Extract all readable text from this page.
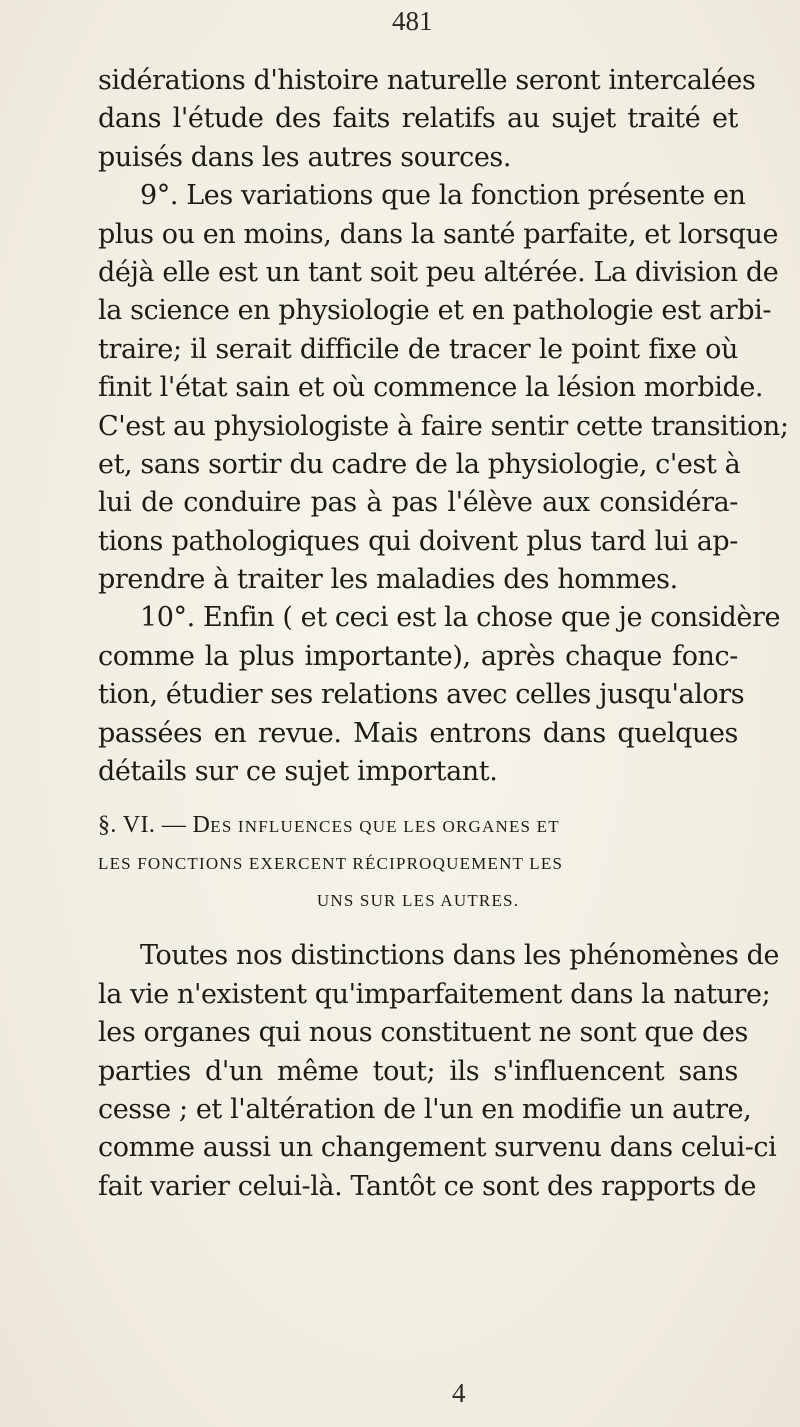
481
sidérations d'histoire naturelle seront intercalées
dans l'étude des faits relatifs au sujet traité et
puisés dans les autres sources.
9°. Les variations que la fonction présente en
plus ou en moins, dans la santé parfaite, et lorsque
déjà elle est un tant soit peu altérée. La division de
la science en physiologie et en pathologie est arbi-
traire; il serait difficile de tracer le point fixe où
finit l'état sain et où commence la lésion morbide.
C'est au physiologiste à faire sentir cette transition;
et, sans sortir du cadre de la physiologie, c'est à
lui de conduire pas à pas l'élève aux considéra-
tions pathologiques qui doivent plus tard lui ap-
prendre à traiter les maladies des hommes.
10°. Enfin ( et ceci est la chose que je considère
comme la plus importante), après chaque fonc-
tion, étudier ses relations avec celles jusqu'alors
passées en revue. Mais entrons dans quelques
détails sur ce sujet important.
§. VI. — DES INFLUENCES QUE LES ORGANES ET
LES FONCTIONS EXERCENT RÉCIPROQUEMENT LES
UNS SUR LES AUTRES.
Toutes nos distinctions dans les phénomènes de
la vie n'existent qu'imparfaitement dans la nature;
les organes qui nous constituent ne sont que des
parties d'un même tout; ils s'influencent sans
cesse ; et l'altération de l'un en modifie un autre,
comme aussi un changement survenu dans celui-ci
fait varier celui-là. Tantôt ce sont des rapports de
4
